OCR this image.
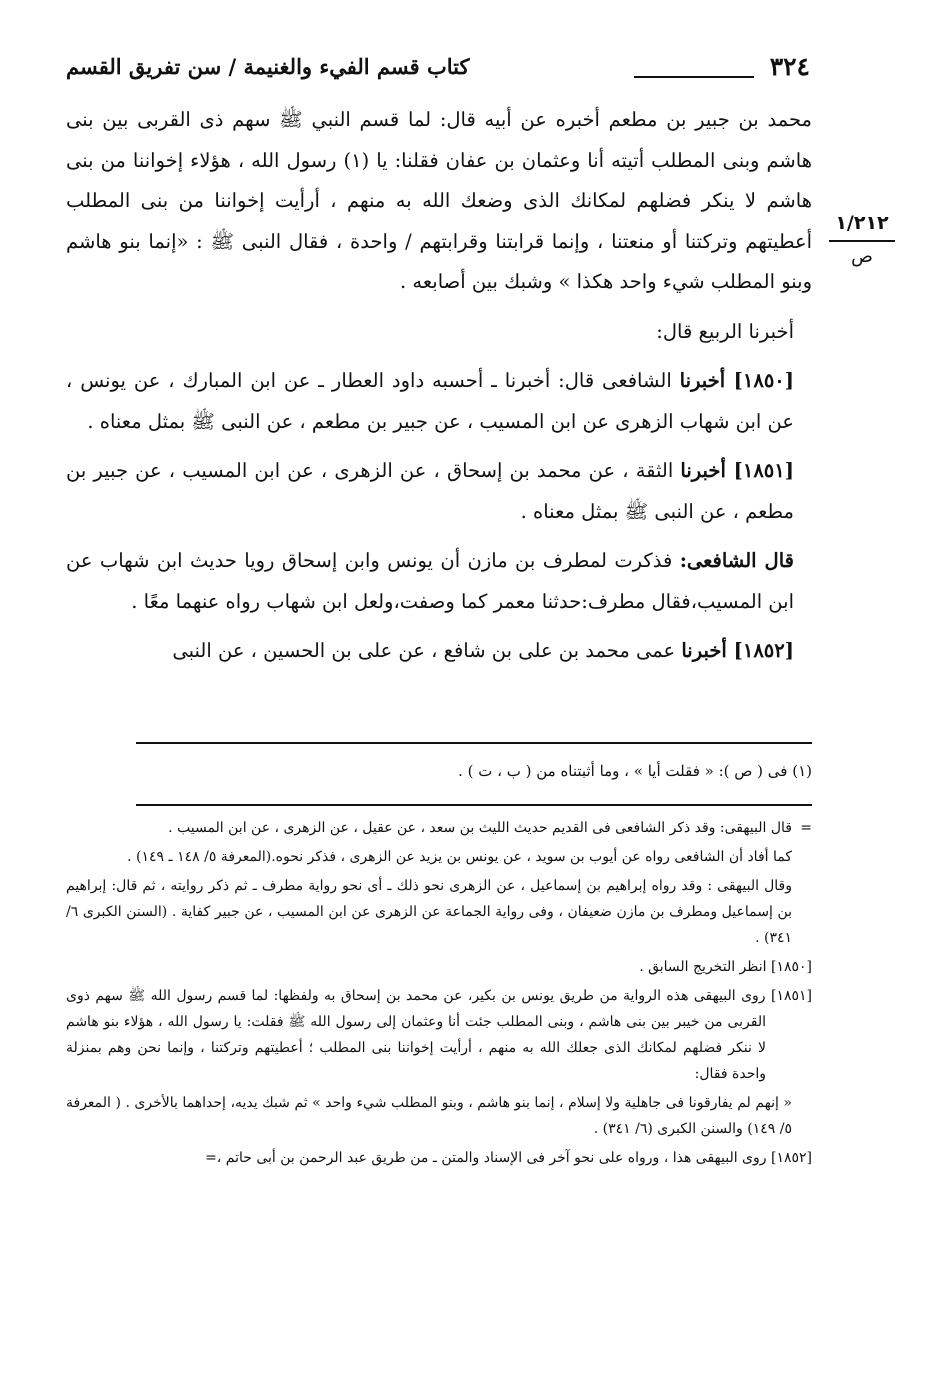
٣٢٤
كتاب قسم الفيء والغنيمة / سن تفريق القسم
١/٢١٢
ص

محمد بن جبير بن مطعم أخبره عن أبيه قال: لما قسم النبي ﷺ سهم ذى القربى بين بنى هاشم وبنى المطلب أتيته أنا وعثمان بن عفان فقلنا: يا (١) رسول الله ، هؤلاء إخواننا من بنى هاشم لا ينكر فضلهم لمكانك الذى وضعك الله به منهم ، أرأيت إخواننا من بنى المطلب أعطيتهم وتركتنا أو منعتنا ، وإنما قرابتنا وقرابتهم / واحدة ، فقال النبى ﷺ : «إنما بنو هاشم وبنو المطلب شيء واحد هكذا » وشبك بين أصابعه .

أخبرنا الربيع قال:

[١٨٥٠] أخبرنا الشافعى قال: أخبرنا ـ أحسبه داود العطار ـ عن ابن المبارك ، عن يونس ، عن ابن شهاب الزهرى عن ابن المسيب ، عن جبير بن مطعم ، عن النبى ﷺ بمثل معناه .

[١٨٥١] أخبرنا الثقة ، عن محمد بن إسحاق ، عن الزهرى ، عن ابن المسيب ، عن جبير بن مطعم ، عن النبى ﷺ بمثل معناه .

قال الشافعى: فذكرت لمطرف بن مازن أن يونس وابن إسحاق رويا حديث ابن شهاب عن ابن المسيب،فقال مطرف:حدثنا معمر كما وصفت،ولعل ابن شهاب رواه عنهما معًا .

[١٨٥٢] أخبرنا عمى محمد بن على بن شافع ، عن على بن الحسين ، عن النبى

(١) فى ( ص ): « فقلت أيا » ، وما أثبتناه من ( ب ، ت ) .

=قال البيهقى: وقد ذكر الشافعى فى القديم حديث الليث بن سعد ، عن عقيل ، عن الزهرى ، عن ابن المسيب .

كما أفاد أن الشافعى رواه عن أيوب بن سويد ، عن يونس بن يزيد عن الزهرى ، فذكر نحوه.(المعرفة ٥/ ١٤٨ ـ ١٤٩) .

وقال البيهقى : وقد رواه إبراهيم بن إسماعيل ، عن الزهرى نحو ذلك ـ أى نحو رواية مطرف ـ ثم ذكر روايته ، ثم قال: إبراهيم بن إسماعيل ومطرف بن مازن ضعيفان ، وفى رواية الجماعة عن الزهرى عن ابن المسيب ، عن جبير كفاية . (السنن الكبرى ٦/ ٣٤١) .

[١٨٥٠] انظر التخريج السابق .

[١٨٥١] روى البيهقى هذه الرواية من طريق يونس بن بكير، عن محمد بن إسحاق به ولفظها: لما قسم رسول الله ﷺ سهم ذوى القربى من خيبر بين بنى هاشم ، وبنى المطلب جئت أنا وعثمان إلى رسول الله ﷺ فقلت: يا رسول الله ، هؤلاء بنو هاشم لا ننكر فضلهم لمكانك الذى جعلك الله به منهم ، أرأيت إخواننا بنى المطلب ؛ أعطيتهم وتركتنا ، وإنما نحن وهم بمنزلة واحدة فقال:

« إنهم لم يفارقونا فى جاهلية ولا إسلام ، إنما بنو هاشم ، وبنو المطلب شيء واحد » ثم شبك يديه، إحداهما بالأخرى . ( المعرفة ٥/ ١٤٩) والسنن الكبرى (٦/ ٣٤١) .

[١٨٥٢] روى البيهقى هذا ، ورواه على نحو آخر فى الإسناد والمتن ـ من طريق عبد الرحمن بن أبى حاتم ،=
